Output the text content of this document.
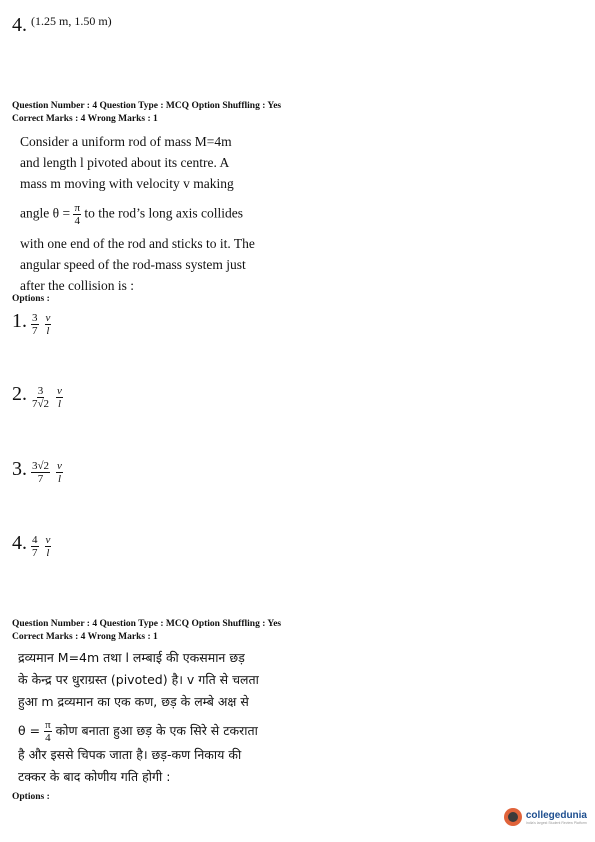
4. $^{(1.25 m, 1.50 m)}$
Question Number : 4 Question Type : MCQ Option Shuffling : Yes
Correct Marks : 4 Wrong Marks : 1
Consider a uniform rod of mass M=4m
and length l pivoted about its centre. A
mass m moving with velocity v making
angle $\theta = \frac{\pi}{4}$ to the rod’s long axis collides
with one end of the rod and sticks to it. The
angular speed of the rod-mass system just
after the collision is :
Options :
1. $\frac{3}{7} \frac{v}{l}$
2. $\frac{3}{7√2} \frac{v}{l}$
3. $\frac{3√2}{7} \frac{v}{l}$
4. $\frac{4}{7} \frac{v}{l}$
Question Number : 4 Question Type : MCQ Option Shuffling : Yes
Correct Marks : 4 Wrong Marks : 1
द्रव्यमान M=4m तथा l लम्बाई की एकसमान छड़
के केन्द्र पर धुराग्रस्त (pivoted) है। v गति से चलता
हुआ m द्रव्यमान का एक कण, छड़ के लम्बे अक्ष से
$\theta = \frac{\pi}{4}$ कोण बनाता हुआ छड़ के एक सिरे से टकराता
है और इससे चिपक जाता है। छड़-कण निकाय की
टक्कर के बाद कोणीय गति होगी :
Options :
collegedunia
India's largest Student Review Platform
